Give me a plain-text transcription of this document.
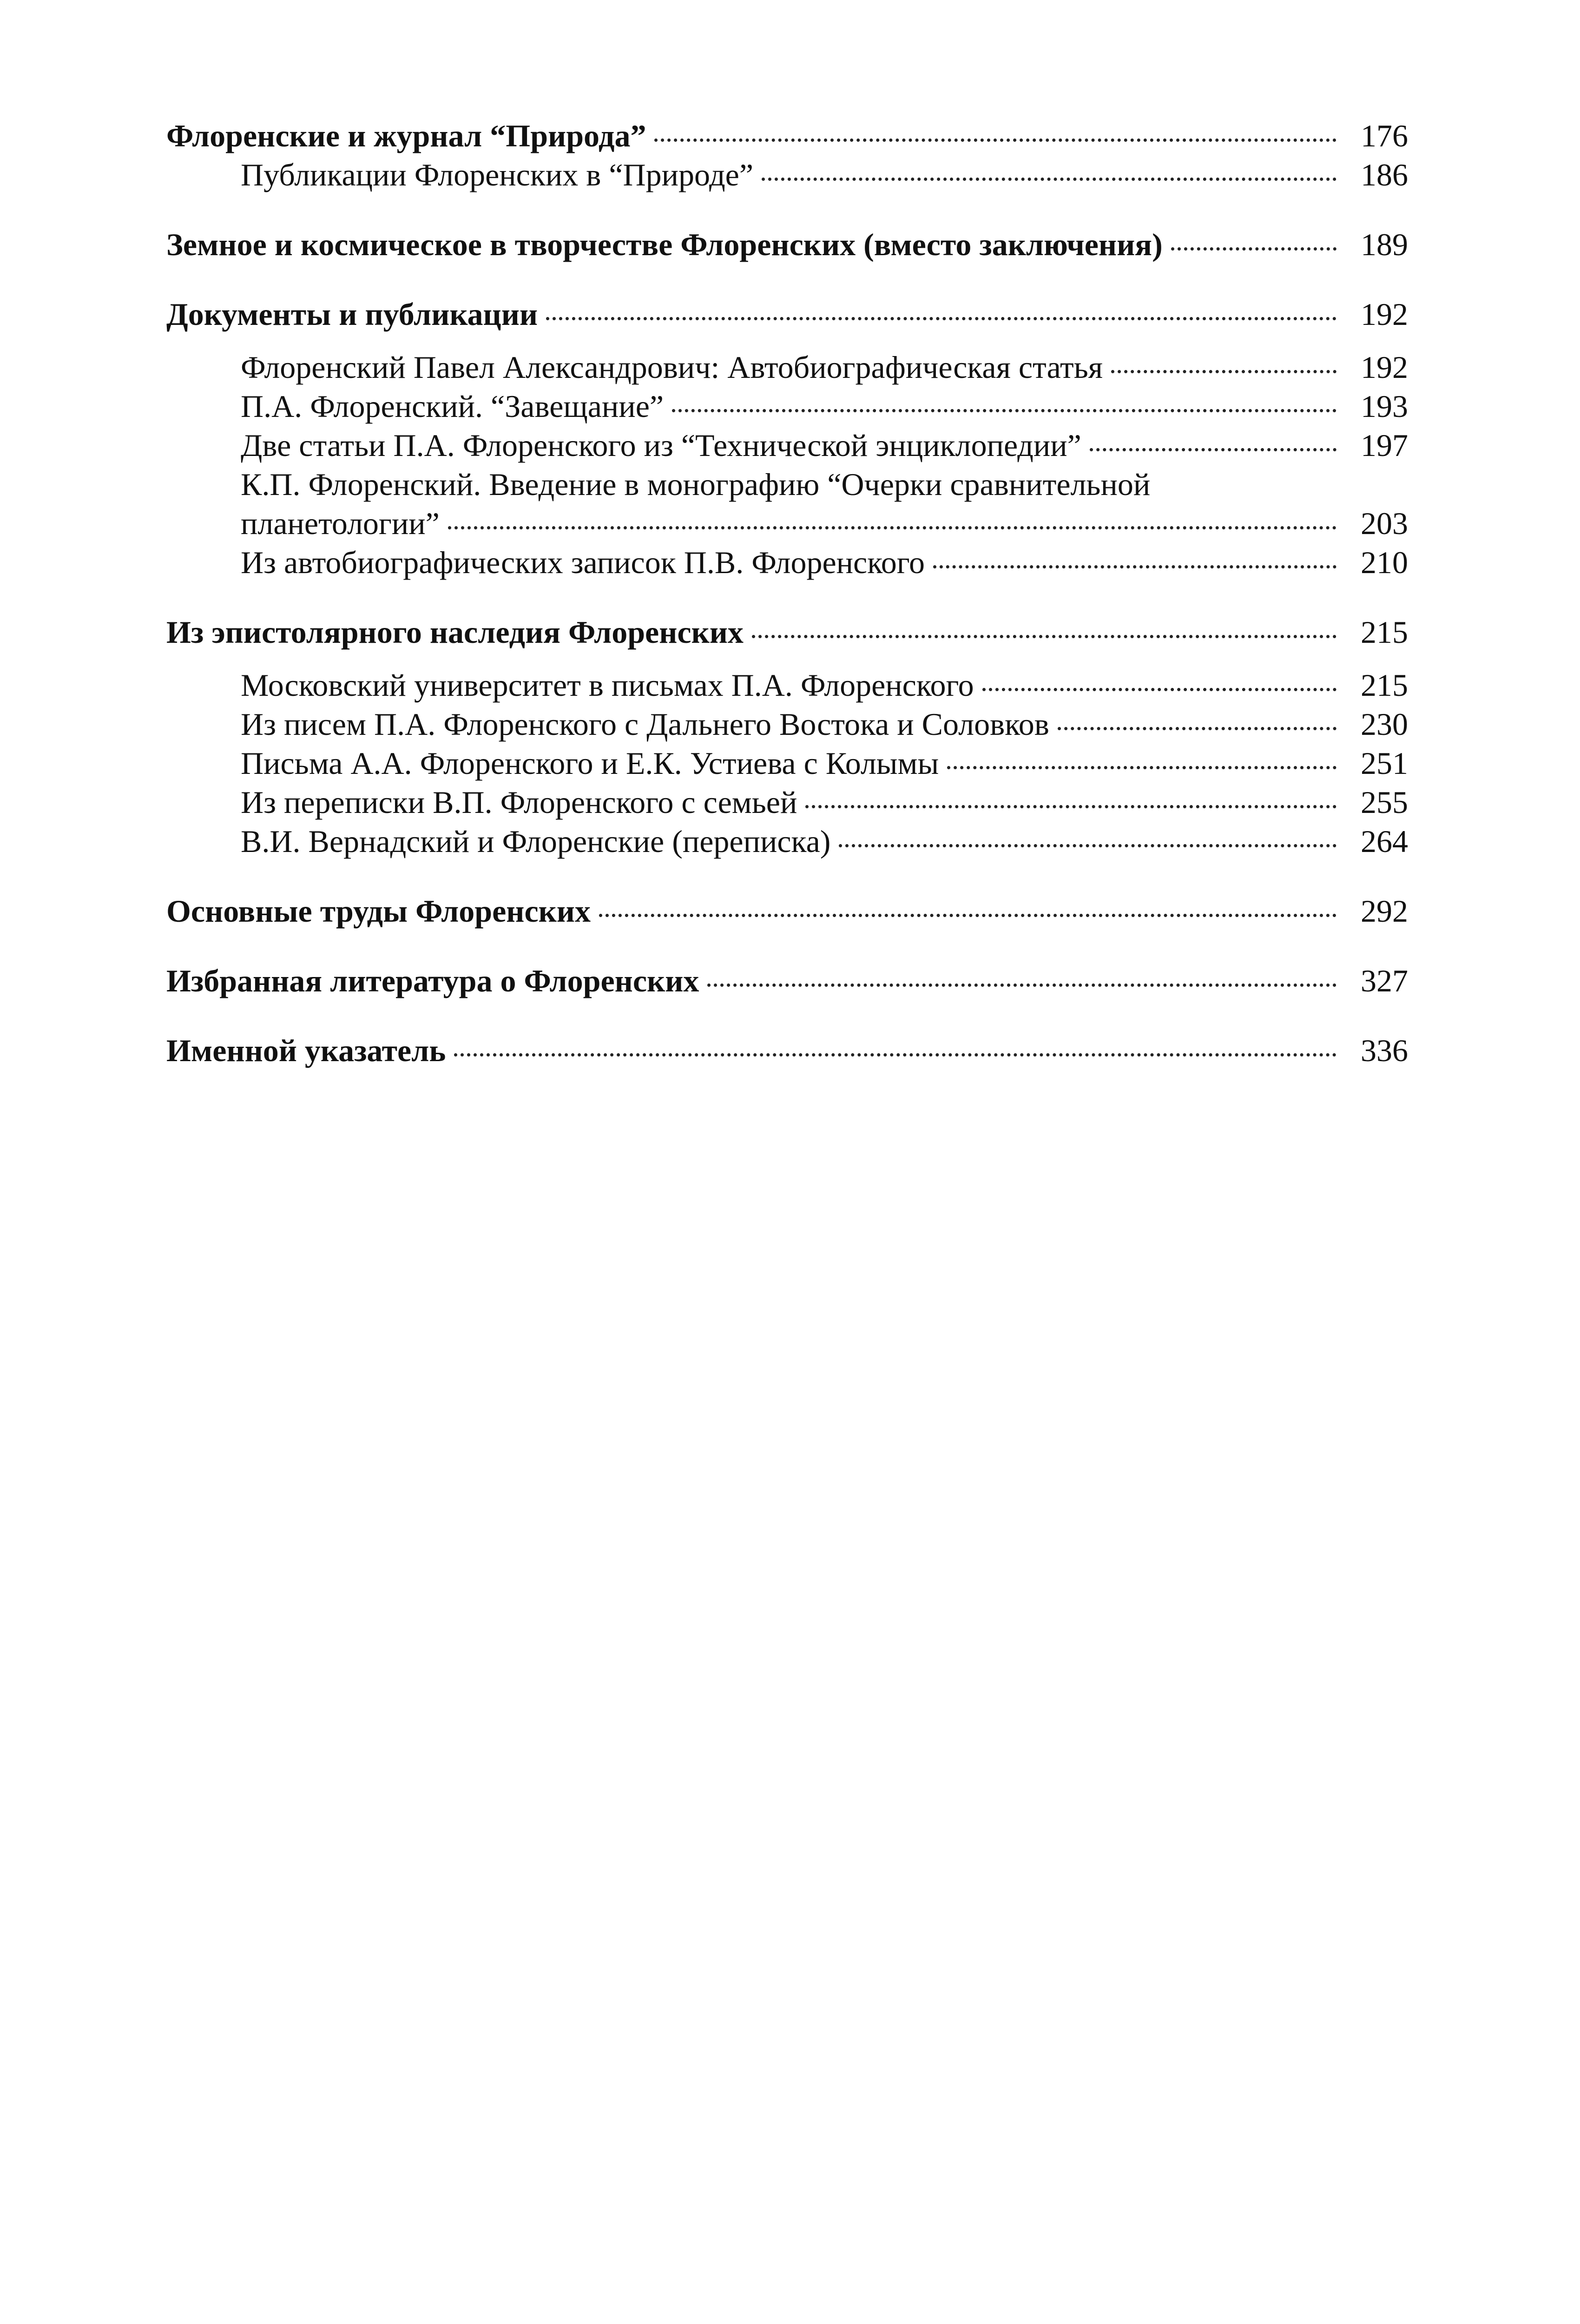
Флоренские и журнал “Природа”	176
Публикации Флоренских в “Природе”	186
Земное и космическое в творчестве Флоренских (вместо заключения)	189
Документы и публикации	192
Флоренский Павел Александрович: Автобиографическая статья	192
П.А. Флоренский. “Завещание”	193
Две статьи П.А. Флоренского из “Технической энциклопедии”	197
К.П. Флоренский. Введение в монографию “Очерки сравнительной
планетологии”	203
Из автобиографических записок П.В. Флоренского	210
Из эпистолярного наследия Флоренских	215
Московский университет в письмах П.А. Флоренского	215
Из писем П.А. Флоренского с Дальнего Востока и Соловков	230
Письма А.А. Флоренского и Е.К. Устиева с Колымы	251
Из переписки В.П. Флоренского с семьей	255
В.И. Вернадский и Флоренские (переписка)	264
Основные труды Флоренских	292
Избранная литература о Флоренских	327
Именной указатель	336
